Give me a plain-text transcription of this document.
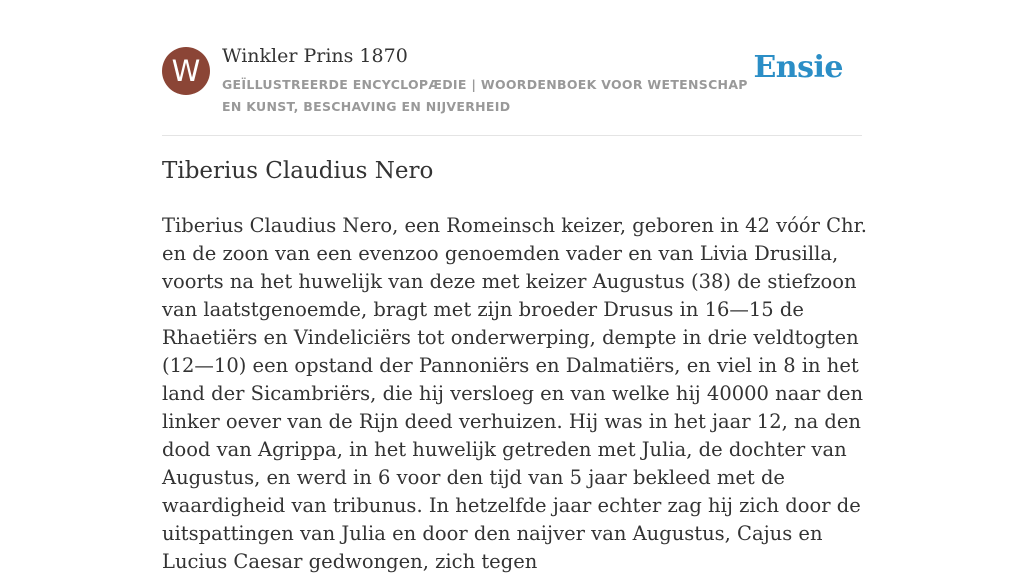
W	Winkler Prins 1870
GEÏLLUSTREERDE ENCYCLOPÆDIE | WOORDENBOEK VOOR WETENSCHAP EN KUNST, BESCHAVING EN NIJVERHEID
Ensie
Tiberius Claudius Nero

Tiberius Claudius Nero, een Romeinsch keizer, geboren in 42 vóór Chr. en de zoon van een evenzoo genoemden vader en van Livia Drusilla, voorts na het huwelijk van deze met keizer Augustus (38) de stiefzoon van laatstgenoemde, bragt met zijn broeder Drusus in 16—15 de Rhaetiërs en Vindeliciërs tot onderwerping, dempte in drie veldtogten (12—10) een opstand der Pannoniërs en Dalmatiërs, en viel in 8 in het land der Sicambriërs, die hij versloeg en van welke hij 40000 naar den linker oever van de Rijn deed verhuizen. Hij was in het jaar 12, na den dood van Agrippa, in het huwelijk getreden met Julia, de dochter van Augustus, en werd in 6 voor den tijd van 5 jaar bekleed met de waardigheid van tribunus. In hetzelfde jaar echter zag hij zich door de uitspattingen van Julia en door den naijver van Augustus, Cajus en Lucius Caesar gedwongen, zich tegen
